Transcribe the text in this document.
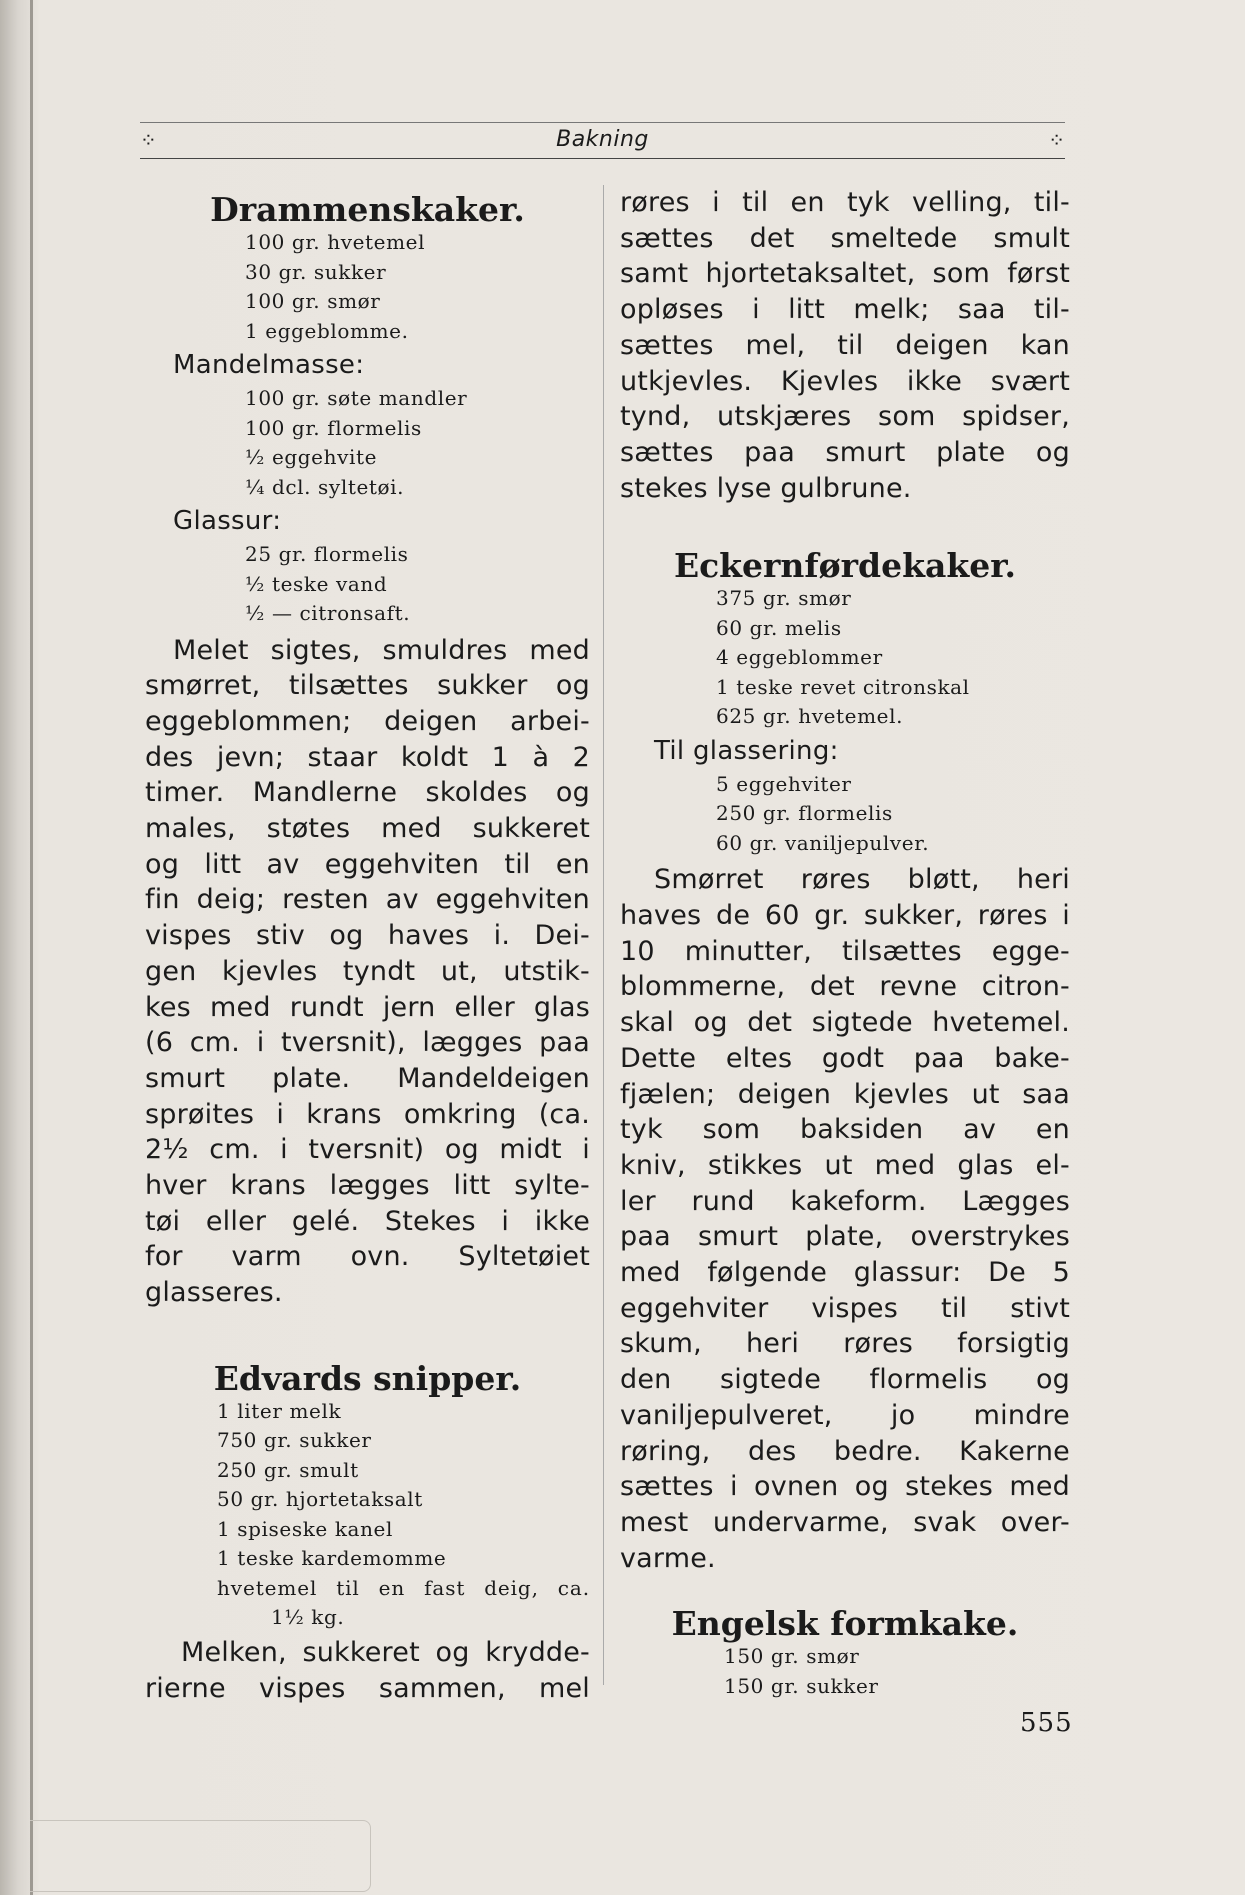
⁘	Bakning	⁘
Drammenskaker.

100 gr. hvetemel

30 gr. sukker

100 gr. smør

1 eggeblomme.

Mandelmasse:

100 gr. søte mandler

100 gr. flormelis

½ eggehvite

¼ dcl. syltetøi.

Glassur:

25 gr. flormelis

½ teske vand

½ — citronsaft.

Melet sigtes, smuldres med
smørret, tilsættes sukker og
eggeblommen; deigen arbei-
des jevn; staar koldt 1 à 2
timer. Mandlerne skoldes og
males, støtes med sukkeret
og litt av eggehviten til en
fin deig; resten av eggehviten
vispes stiv og haves i. Dei-
gen kjevles tyndt ut, utstik-
kes med rundt jern eller glas
(6 cm. i tversnit), lægges paa
smurt plate. Mandeldeigen
sprøites i krans omkring (ca.
2½ cm. i tversnit) og midt i
hver krans lægges litt sylte-
tøi eller gelé. Stekes i ikke
for varm ovn. Syltetøiet
glasseres.
Edvards snipper.

1 liter melk

750 gr. sukker

250 gr. smult

50 gr. hjortetaksalt

1 spiseske kanel

1 teske kardemomme

hvetemel til en fast deig, ca.

1½ kg.

Melken, sukkeret og krydde-
rierne vispes sammen, mel
røres i til en tyk velling, til-
sættes det smeltede smult
samt hjortetaksaltet, som først
opløses i litt melk; saa til-
sættes mel, til deigen kan
utkjevles. Kjevles ikke svært
tynd, utskjæres som spidser,
sættes paa smurt plate og
stekes lyse gulbrune.
Eckernførdekaker.

375 gr. smør

60 gr. melis

4 eggeblommer

1 teske revet citronskal

625 gr. hvetemel.

Til glassering:

5 eggehviter

250 gr. flormelis

60 gr. vaniljepulver.

Smørret røres bløtt, heri
haves de 60 gr. sukker, røres i
10 minutter, tilsættes egge-
blommerne, det revne citron-
skal og det sigtede hvetemel.
Dette eltes godt paa bake-
fjælen; deigen kjevles ut saa
tyk som baksiden av en
kniv, stikkes ut med glas el-
ler rund kakeform. Lægges
paa smurt plate, overstrykes
med følgende glassur: De 5
eggehviter vispes til stivt
skum, heri røres forsigtig
den sigtede flormelis og
vaniljepulveret, jo mindre
røring, des bedre. Kakerne
sættes i ovnen og stekes med
mest undervarme, svak over-
varme.
Engelsk formkake.

150 gr. smør

150 gr. sukker

555
